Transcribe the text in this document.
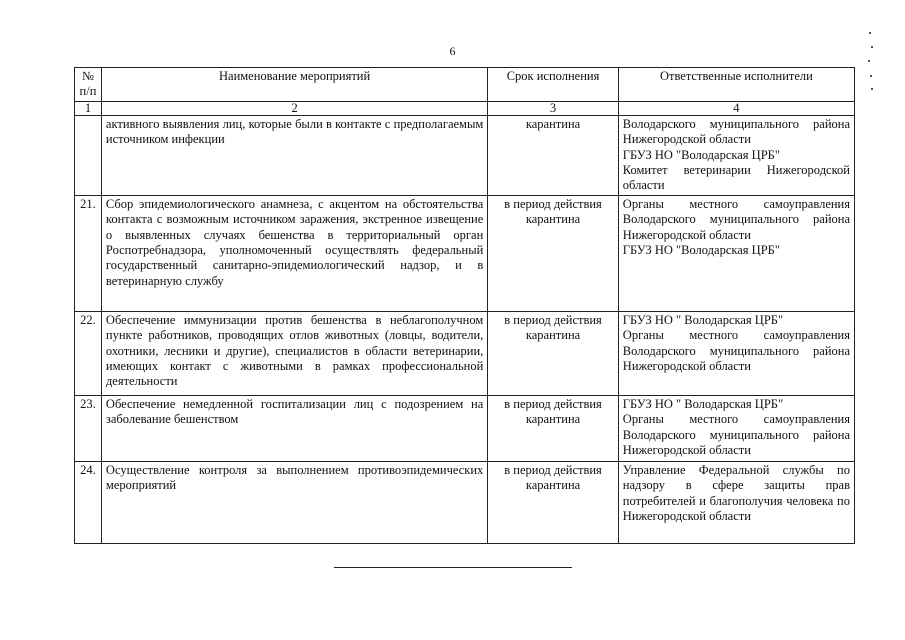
6
№ п/п	Наименование мероприятий	Срок исполнения	Ответственные исполнители
1	2	3	4
	активного выявления лиц, которые были в контакте с предполагаемым источником инфекции	карантина	Володарского муниципального района Нижегородской области
ГБУЗ НО "Володарская ЦРБ"
Комитет ветеринарии Нижегородской области

21.	Сбор эпидемиологического анамнеза, с акцентом на обстоятельства контакта с возможным источником заражения, экстренное извещение о выявленных случаях бешенства в территориальный орган Роспотребнадзора, уполномоченный осуществлять федеральный государственный санитарно-эпидемиологический надзор, и в ветеринарную службу	в период действия карантина	Органы местного самоуправления Володарского муниципального района Нижегородской области
ГБУЗ НО "Володарская ЦРБ"

22.	Обеспечение иммунизации против бешенства в неблагополучном пункте работников, проводящих отлов животных (ловцы, водители, охотники, лесники и другие), специалистов в области ветеринарии, имеющих контакт с животными в рамках профессиональной деятельности	в период действия карантина	ГБУЗ НО " Володарская ЦРБ"
Органы местного самоуправления Володарского муниципального района Нижегородской области

23.	Обеспечение немедленной госпитализации лиц с подозрением на заболевание бешенством	в период действия карантина	ГБУЗ НО " Володарская ЦРБ"
Органы местного самоуправления Володарского муниципального района Нижегородской области

24.	Осуществление контроля за выполнением противоэпидемических мероприятий	в период действия карантина	Управление Федеральной службы по надзору в сфере защиты прав потребителей и благополучия человека по Нижегородской области
